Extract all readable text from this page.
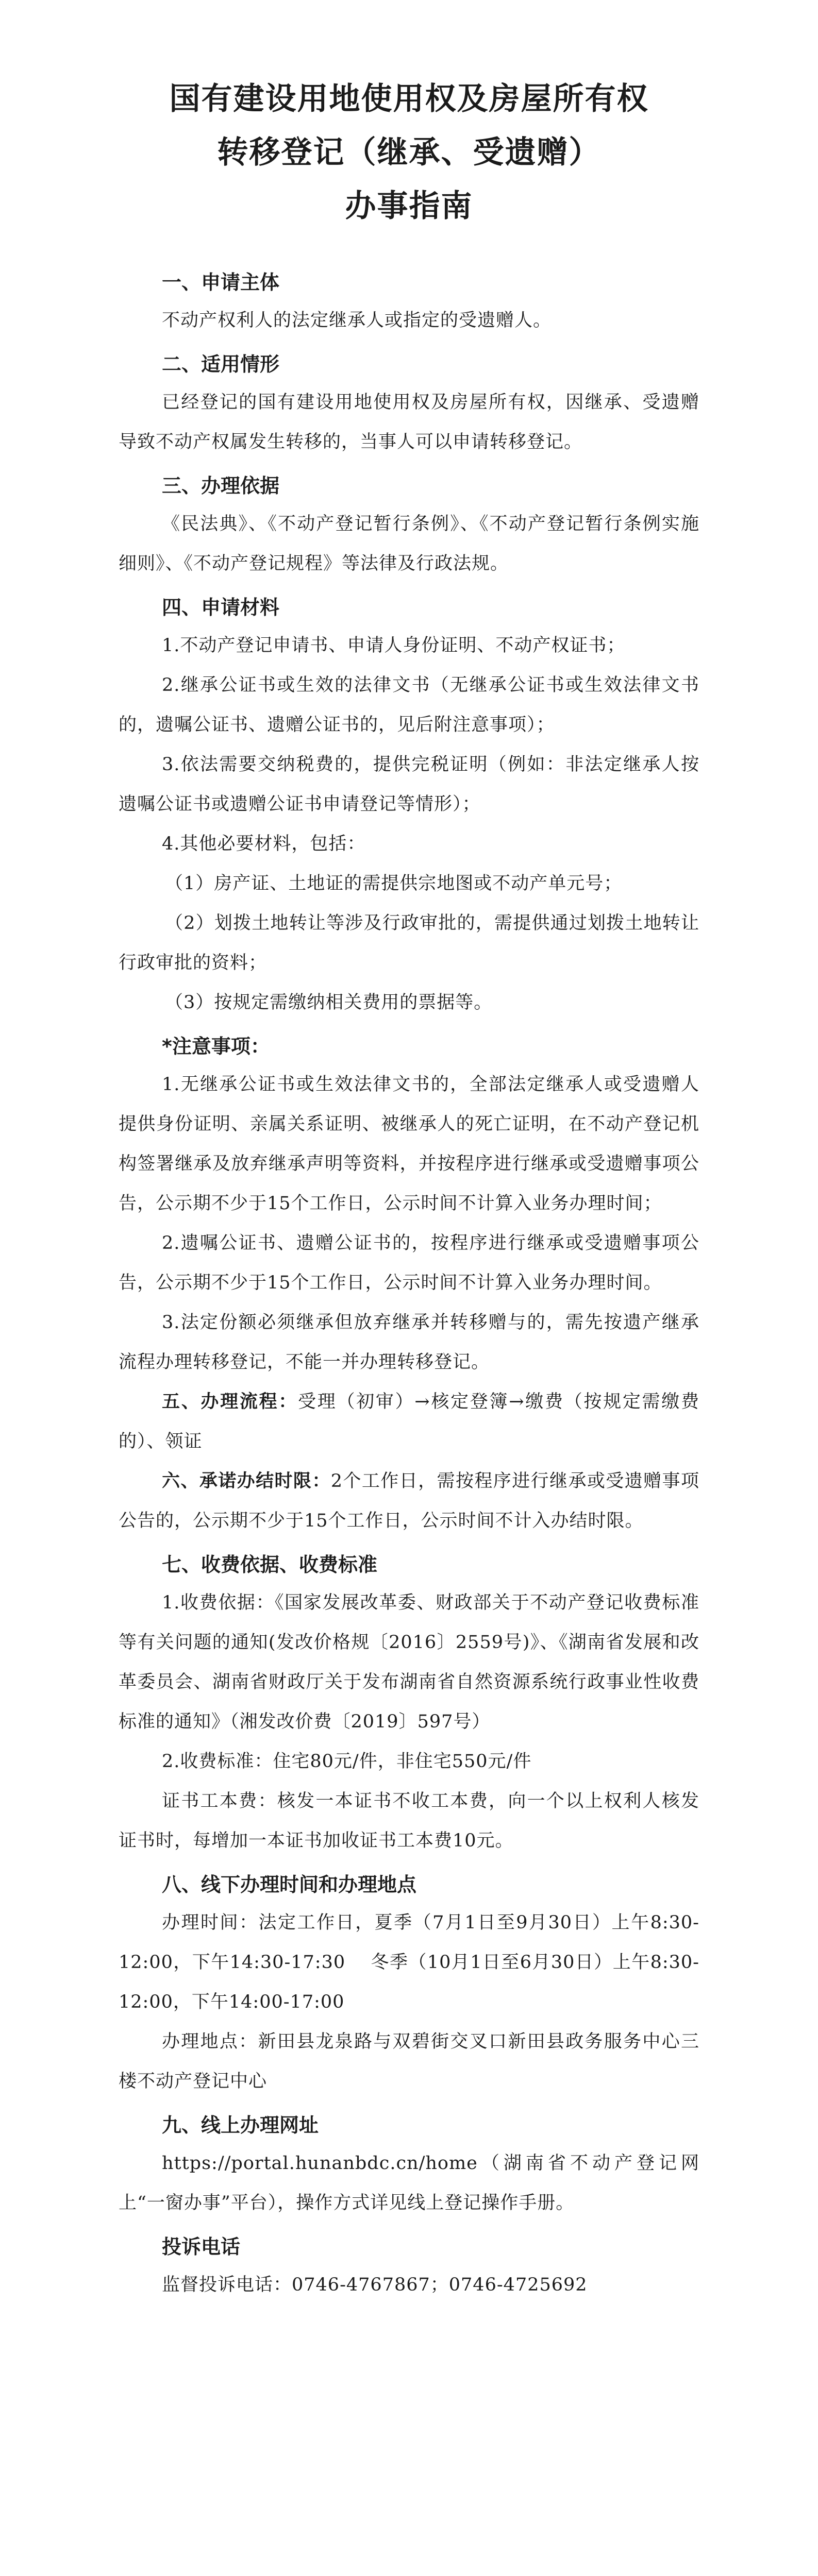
国有建设用地使用权及房屋所有权
转移登记（继承、受遗赠）
办事指南
一、申请主体

不动产权利人的法定继承人或指定的受遗赠人。

二、适用情形

已经登记的国有建设用地使用权及房屋所有权，因继承、受遗赠导致不动产权属发生转移的，当事人可以申请转移登记。

三、办理依据

《民法典》、《不动产登记暂行条例》、《不动产登记暂行条例实施细则》、《不动产登记规程》等法律及行政法规。

四、申请材料

1.不动产登记申请书、申请人身份证明、不动产权证书；

2.继承公证书或生效的法律文书（无继承公证书或生效法律文书的，遗嘱公证书、遗赠公证书的，见后附注意事项）；

3.依法需要交纳税费的，提供完税证明（例如：非法定继承人按遗嘱公证书或遗赠公证书申请登记等情形）；

4.其他必要材料，包括：

（1）房产证、土地证的需提供宗地图或不动产单元号；

（2）划拨土地转让等涉及行政审批的，需提供通过划拨土地转让行政审批的资料；

（3）按规定需缴纳相关费用的票据等。

*注意事项：

1.无继承公证书或生效法律文书的，全部法定继承人或受遗赠人提供身份证明、亲属关系证明、被继承人的死亡证明，在不动产登记机构签署继承及放弃继承声明等资料，并按程序进行继承或受遗赠事项公告，公示期不少于15个工作日，公示时间不计算入业务办理时间；

2.遗嘱公证书、遗赠公证书的，按程序进行继承或受遗赠事项公告，公示期不少于15个工作日，公示时间不计算入业务办理时间。

3.法定份额必须继承但放弃继承并转移赠与的，需先按遗产继承流程办理转移登记，不能一并办理转移登记。

五、办理流程：受理（初审）→核定登簿→缴费（按规定需缴费的）、领证

六、承诺办结时限：2个工作日，需按程序进行继承或受遗赠事项公告的，公示期不少于15个工作日，公示时间不计入办结时限。

七、收费依据、收费标准

1.收费依据：《国家发展改革委、财政部关于不动产登记收费标准等有关问题的通知(发改价格规〔2016〕2559号)》、《湖南省发展和改革委员会、湖南省财政厅关于发布湖南省自然资源系统行政事业性收费标准的通知》（湘发改价费〔2019〕597号）

2.收费标准：住宅80元/件，非住宅550元/件

证书工本费：核发一本证书不收工本费，向一个以上权利人核发证书时，每增加一本证书加收证书工本费10元。

八、线下办理时间和办理地点

办理时间：法定工作日，夏季（7月1日至9月30日）上午8:30-12:00，下午14:30-17:30　 冬季（10月1日至6月30日）上午8:30-12:00，下午14:00-17:00

办理地点：新田县龙泉路与双碧街交叉口新田县政务服务中心三楼不动产登记中心

九、线上办理网址

https://portal.hunanbdc.cn/home（湖南省不动产登记网上“一窗办事”平台），操作方式详见线上登记操作手册。

投诉电话

监督投诉电话：0746-4767867；0746-4725692
